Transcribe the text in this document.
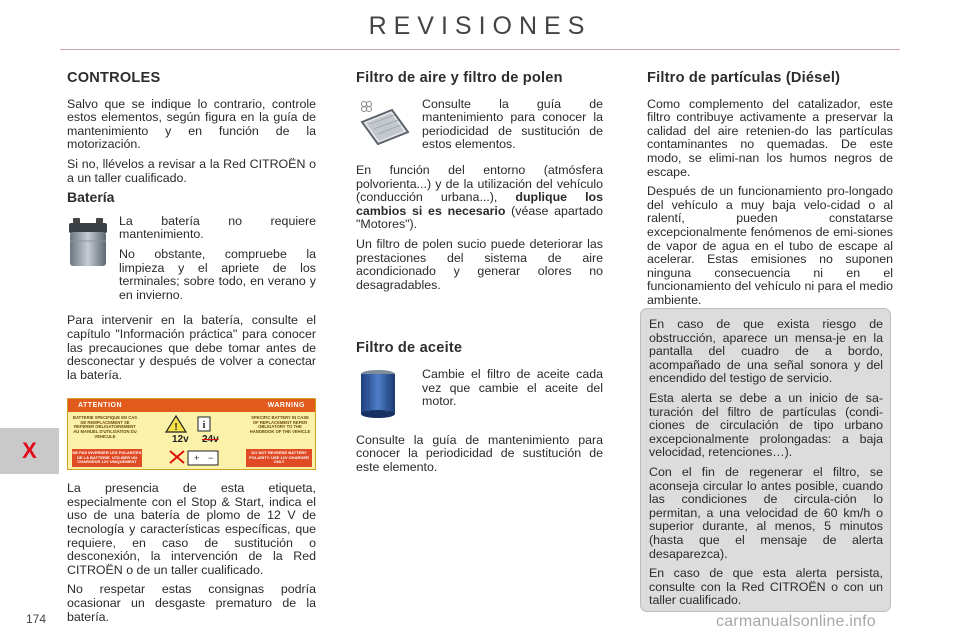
REVISIONES
CONTROLES

Salvo que se indique lo contrario, controle estos elementos, según figura en la guía de mantenimiento y en función de la motorización.

Si no, llévelos a revisar a la Red CITROËN o a un taller cualificado.

Batería

La batería no requiere mantenimiento.

No obstante, compruebe la limpieza y el apriete de los terminales; sobre todo, en verano y en invierno.

Para intervenir en la batería, consulte el capítulo "Información práctica" para conocer las precauciones que debe tomar antes de desconectar y después de volver a conectar la batería.

ATTENTION	WARNING
BATTERIE SPECIFIQUE EN CAS DE REMPLACEMENT SE REFERER OBLIGATOIREMENT AU MANUEL D'UTILISATION DU VEHICULE
SPECIFIC BATTERY IN CASE OF REPLACEMENT REFER OBLIGATORY TO THE HANDBOOK OF THE VEHICLE
! i
12v 24v
+ −
NE PAS INVERSER LES POLARITES DE LA BATTERIE. UTILISER UN CHARGEUR 12V UNIQUEMENT
DO NOT REVERSE BATTERY POLARITY. USE 12V CHARGER ONLY

La presencia de esta etiqueta, especialmente con el Stop & Start, indica el uso de una batería de plomo de 12 V de tecnología y características específicas, que requiere, en caso de sustitución o desconexión, la intervención de la Red CITROËN o de un taller cualificado.

No respetar estas consignas podría ocasionar un desgaste prematuro de la batería.

Filtro de aire y filtro de polen

Consulte la guía de mantenimiento para conocer la periodicidad de sustitución de estos elementos.

En función del entorno (atmósfera polvorienta...) y de la utilización del vehículo (conducción urbana...), duplique los cambios si es necesario (véase apartado "Motores").

Un filtro de polen sucio puede deteriorar las prestaciones del sistema de aire acondicionado y generar olores no desagradables.

Filtro de aceite

Cambie el filtro de aceite cada vez que cambie el aceite del motor.

Consulte la guía de mantenimiento para conocer la periodicidad de sustitución de este elemento.

Filtro de partículas (Diésel)

Como complemento del catalizador, este filtro contribuye activamente a preservar la calidad del aire retenien-do las partículas contaminantes no quemadas. De este modo, se elimi-nan los humos negros de escape.

Después de un funcionamiento pro-longado del vehículo a muy baja velo-cidad o al ralentí, pueden constatarse excepcionalmente fenómenos de emi-siones de vapor de agua en el tubo de escape al acelerar. Estas emisiones no suponen ninguna consecuencia ni en el funcionamiento del vehículo ni para el medio ambiente.

En caso de que exista riesgo de obstrucción, aparece un mensa-je en la pantalla del cuadro de a bordo, acompañado de una señal sonora y del encendido del testigo de servicio.

Esta alerta se debe a un inicio de sa-turación del filtro de partículas (condi-ciones de circulación de tipo urbano excepcionalmente prolongadas: a baja velocidad, retenciones…).

Con el fin de regenerar el filtro, se aconseja circular lo antes posible, cuando las condiciones de circula-ción lo permitan, a una velocidad de 60 km/h o superior durante, al menos, 5 minutos (hasta que el mensaje de alerta desaparezca).

En caso de que esta alerta persista, consulte con la Red CITROËN o con un taller cualificado.

X
174	carmanualsonline.info
